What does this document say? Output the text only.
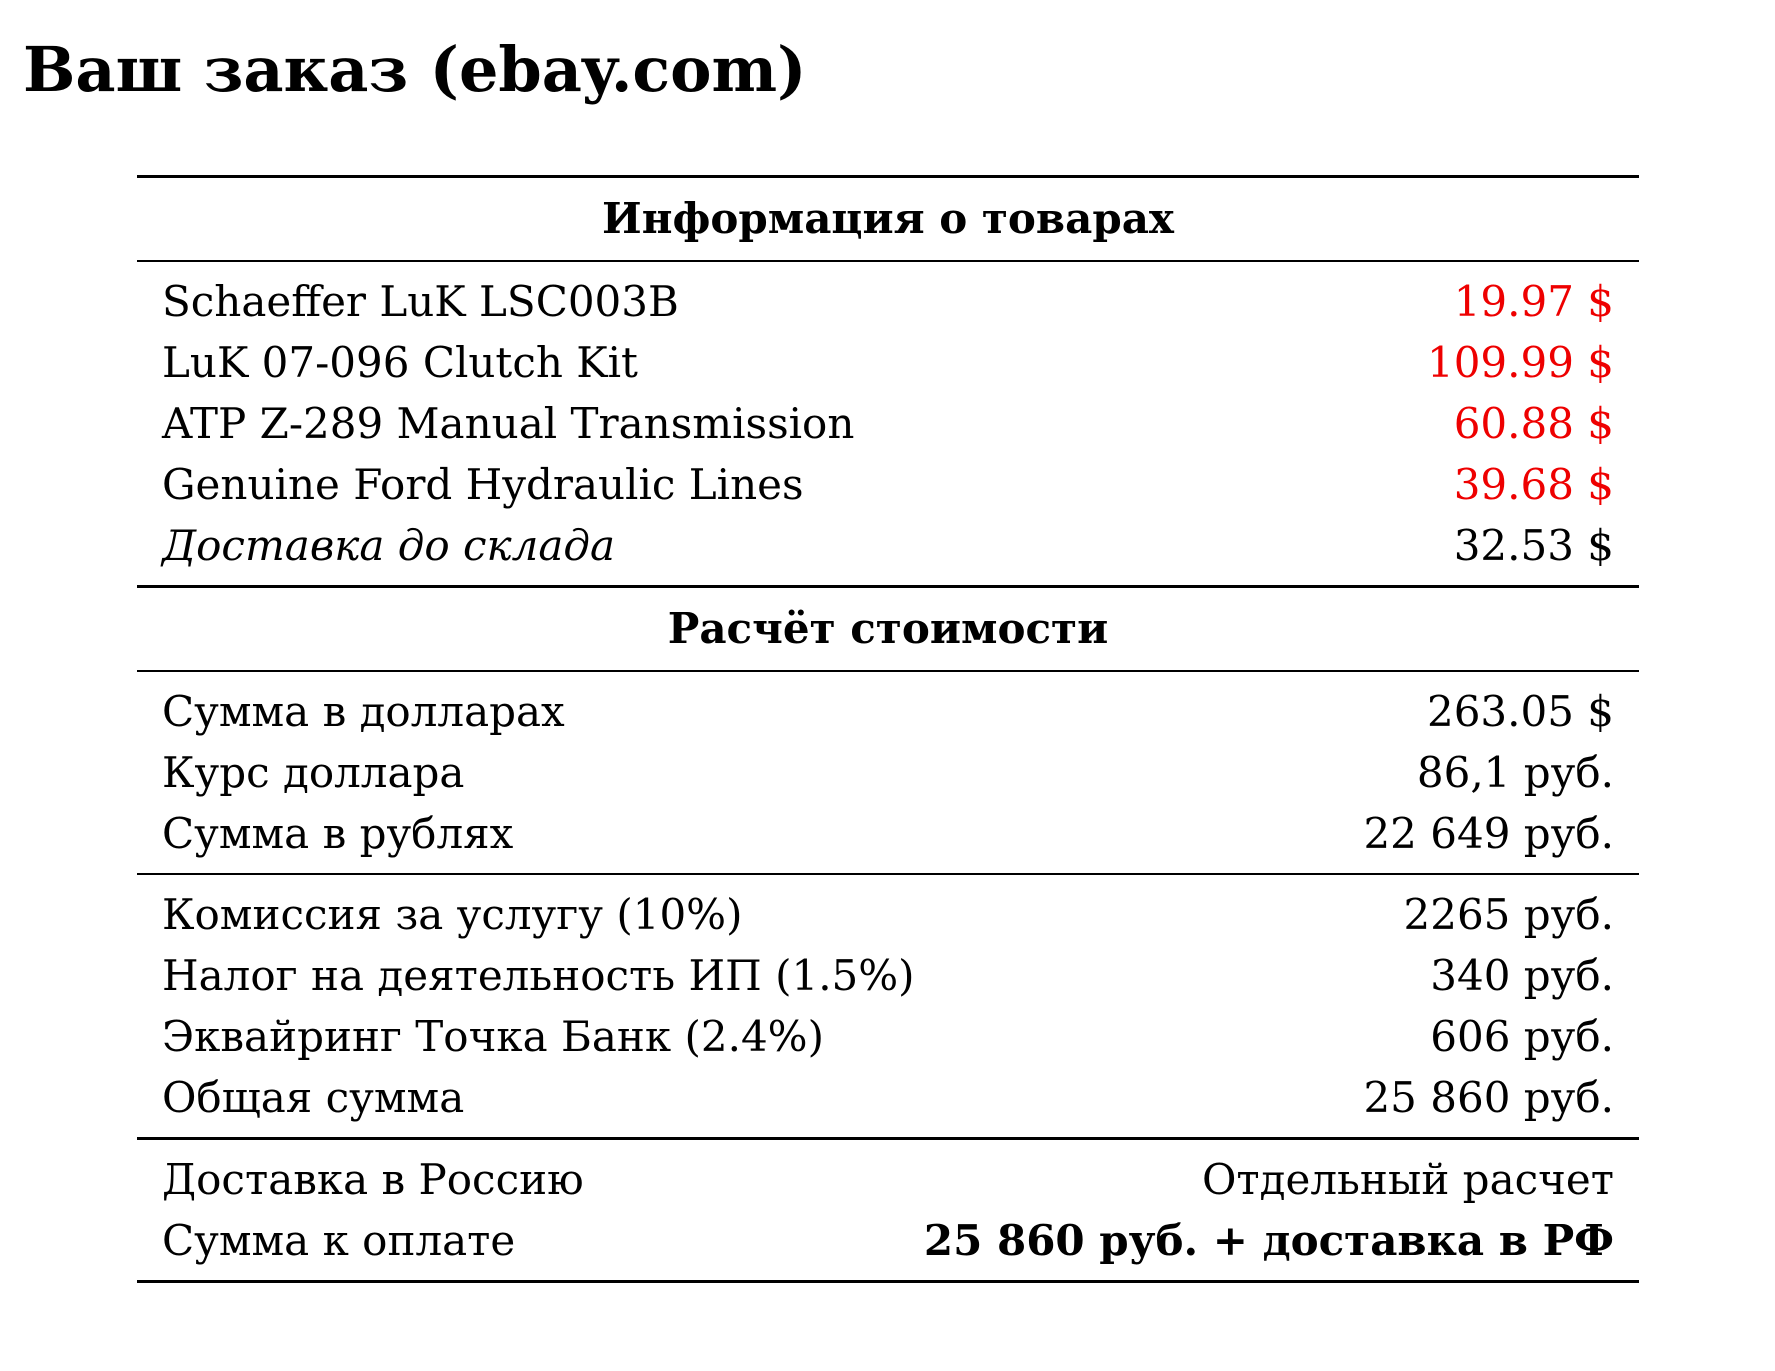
Ваш заказ (ebay.com)
Информация о товарах
Schaeffer LuK LSC003B	19.97 $
LuK 07-096 Clutch Kit	109.99 $
ATP Z-289 Manual Transmission	60.88 $
Genuine Ford Hydraulic Lines	39.68 $
Доставка до склада	32.53 $
Расчёт стоимости
Сумма в долларах	263.05 $
Курс доллара	86,1 руб.
Сумма в рублях	22 649 руб.
Комиссия за услугу (10%)	2265 руб.
Налог на деятельность ИП (1.5%)	340 руб.
Эквайринг Точка Банк (2.4%)	606 руб.
Общая сумма	25 860 руб.
Доставка в Россию	Отдельный расчет
Сумма к оплате	25 860 руб. + доставка в РФ
